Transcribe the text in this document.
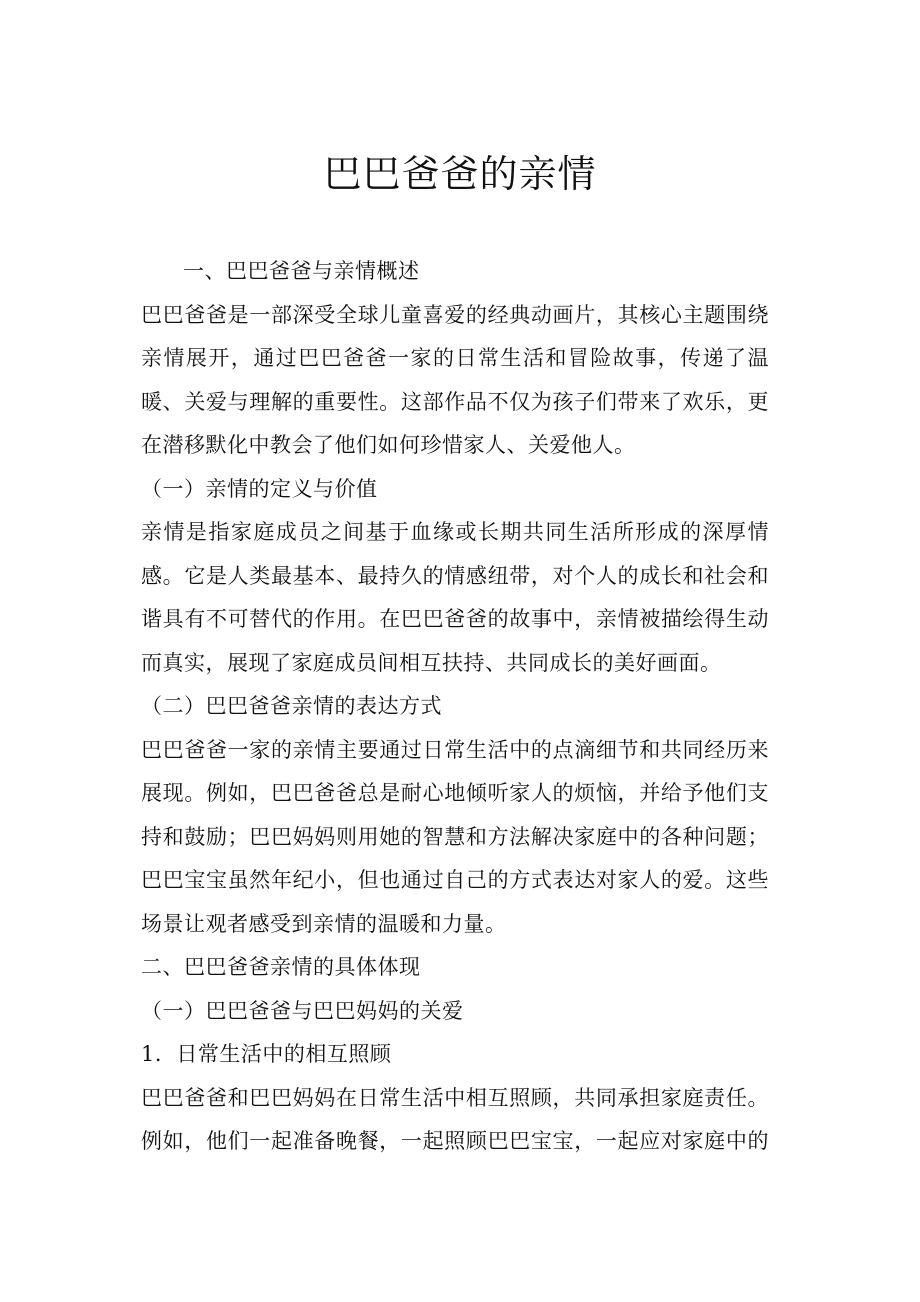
巴巴爸爸的亲情
一、巴巴爸爸与亲情概述
巴巴爸爸是一部深受全球儿童喜爱的经典动画片，其核心主题围绕
亲情展开，通过巴巴爸爸一家的日常生活和冒险故事，传递了温
暖、关爱与理解的重要性。这部作品不仅为孩子们带来了欢乐，更
在潜移默化中教会了他们如何珍惜家人、关爱他人。
（一）亲情的定义与价值
亲情是指家庭成员之间基于血缘或长期共同生活所形成的深厚情
感。它是人类最基本、最持久的情感纽带，对个人的成长和社会和
谐具有不可替代的作用。在巴巴爸爸的故事中，亲情被描绘得生动
而真实，展现了家庭成员间相互扶持、共同成长的美好画面。
（二）巴巴爸爸亲情的表达方式
巴巴爸爸一家的亲情主要通过日常生活中的点滴细节和共同经历来
展现。例如，巴巴爸爸总是耐心地倾听家人的烦恼，并给予他们支
持和鼓励；巴巴妈妈则用她的智慧和方法解决家庭中的各种问题；
巴巴宝宝虽然年纪小，但也通过自己的方式表达对家人的爱。这些
场景让观者感受到亲情的温暖和力量。
二、巴巴爸爸亲情的具体体现
（一）巴巴爸爸与巴巴妈妈的关爱
1．日常生活中的相互照顾
巴巴爸爸和巴巴妈妈在日常生活中相互照顾，共同承担家庭责任。
例如，他们一起准备晚餐，一起照顾巴巴宝宝，一起应对家庭中的
